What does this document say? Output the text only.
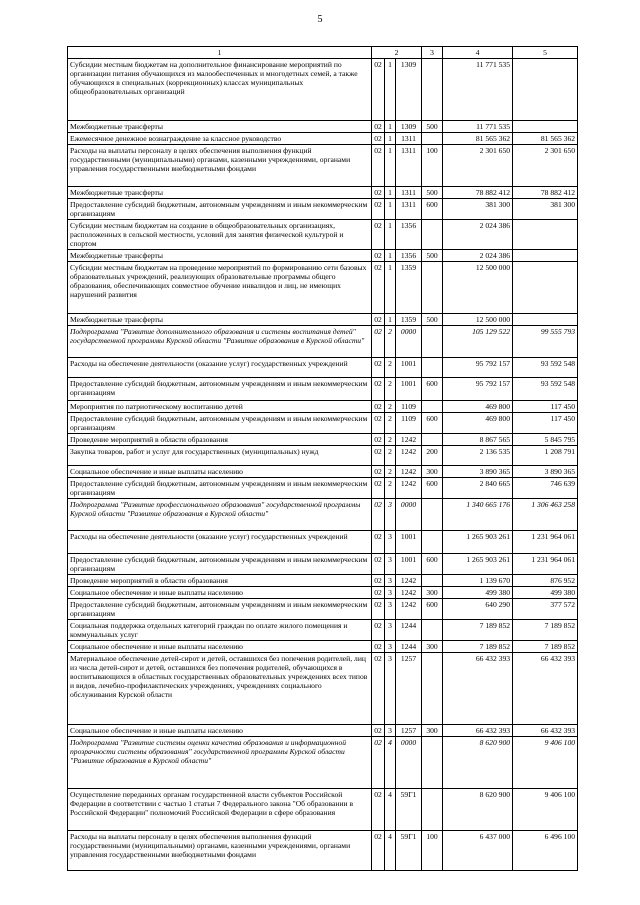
5
1	2			3	4	5
Субсидии местным бюджетам на дополнительное финансирование мероприятий по организации питания обучающихся из малообеспеченных и многодетных семей, а также обучающихся в специальных (коррекционных) классах муниципальных общеобразовательных организаций	02	1	1309		11 771 535	
Межбюджетные трансферты	02	1	1309	500	11 771 535	
Ежемесячное денежное вознаграждение за классное руководство	02	1	1311		81 565 362	81 565 362
Расходы на выплаты персоналу в целях обеспечения выполнения функций государственными (муниципальными) органами, казенными учреждениями, органами управления государственными внебюджетными фондами	02	1	1311	100	2 301 650	2 301 650
Межбюджетные трансферты	02	1	1311	500	78 882 412	78 882 412
Предоставление субсидий бюджетным, автономным учреждениям и иным некоммерческим организациям	02	1	1311	600	381 300	381 300
Субсидии местным бюджетам на создание в общеобразовательных организациях, расположенных в сельской местности, условий для занятия физической культурой и спортом	02	1	1356		2 024 386	
Межбюджетные трансферты	02	1	1356	500	2 024 386	
Субсидии местным бюджетам на проведение мероприятий по формированию сети базовых образовательных учреждений, реализующих образовательные программы общего образования, обеспечивающих совместное обучение инвалидов и лиц, не имеющих нарушений развития	02	1	1359		12 500 000	
Межбюджетные трансферты	02	1	1359	500	12 500 000	
Подпрограмма "Развитие дополнительного образования и системы воспитания детей" государственной программы Курской области "Развитие образования в Курской области"	02	2	0000		105 129 522	99 555 793
Расходы на обеспечение деятельности (оказание услуг) государственных учреждений	02	2	1001		95 792 157	93 592 548
Предоставление субсидий бюджетным, автономным учреждениям и иным некоммерческим организациям	02	2	1001	600	95 792 157	93 592 548
Мероприятия по патриотическому воспитанию детей	02	2	1109		469 800	117 450
Предоставление субсидий бюджетным, автономным учреждениям и иным некоммерческим организациям	02	2	1109	600	469 800	117 450
Проведение мероприятий в области образования	02	2	1242		8 867 565	5 845 795
Закупка товаров, работ и услуг для государственных (муниципальных) нужд	02	2	1242	200	2 136 535	1 208 791
Социальное обеспечение и иные выплаты населению	02	2	1242	300	3 890 365	3 890 365
Предоставление субсидий бюджетным, автономным учреждениям и иным некоммерческим организациям	02	2	1242	600	2 840 665	746 639
Подпрограмма "Развитие профессионального образования" государственной программы Курской области "Развитие образования в Курской области"	02	3	0000		1 340 665 176	1 306 463 258
Расходы на обеспечение деятельности (оказание услуг) государственных учреждений	02	3	1001		1 265 903 261	1 231 964 061
Предоставление субсидий бюджетным, автономным учреждениям и иным некоммерческим организациям	02	3	1001	600	1 265 903 261	1 231 964 061
Проведение мероприятий в области образования	02	3	1242		1 139 670	876 952
Социальное обеспечение и иные выплаты населению	02	3	1242	300	499 380	499 380
Предоставление субсидий бюджетным, автономным учреждениям и иным некоммерческим организациям	02	3	1242	600	640 290	377 572
Социальная поддержка отдельных категорий граждан по оплате жилого помещения и коммунальных услуг	02	3	1244		7 189 852	7 189 852
Социальное обеспечение и иные выплаты населению	02	3	1244	300	7 189 852	7 189 852
Материальное обеспечение детей-сирот и детей, оставшихся без попечения родителей, лиц из числа детей-сирот и детей, оставшихся без попечения родителей, обучающихся в воспитывающихся в областных государственных образовательных учреждениях всех типов и видов, лечебно-профилактических учреждениях, учреждениях социального обслуживания Курской области	02	3	1257		66 432 393	66 432 393
Социальное обеспечение и иные выплаты населению	02	3	1257	300	66 432 393	66 432 393
Подпрограмма "Развитие системы оценки качества образования и информационной прозрачности системы образования" государственной программы Курской области "Развитие образования в Курской области"	02	4	0000		8 620 900	9 406 100
Осуществление переданных органам государственной власти субъектов Российской Федерации в соответствии с частью 1 статьи 7 Федерального закона "Об образовании в Российской Федерации" полномочий Российской Федерации в сфере образования	02	4	59Г1		8 620 900	9 406 100
Расходы на выплаты персоналу в целях обеспечения выполнения функций государственными (муниципальными) органами, казенными учреждениями, органами управления государственными внебюджетными фондами	02	4	59Г1	100	6 437 000	6 496 100
